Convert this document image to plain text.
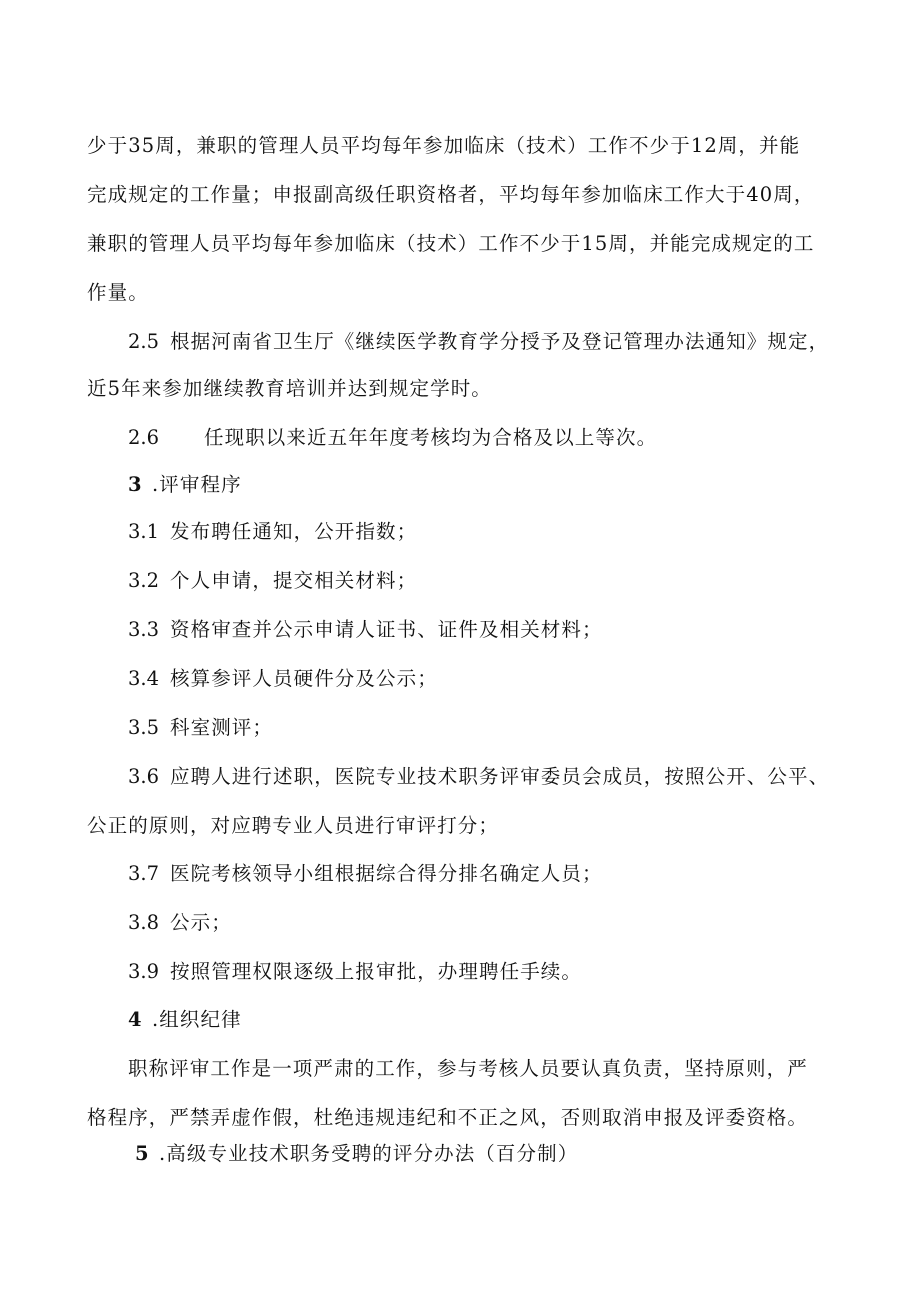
少于35周，兼职的管理人员平均每年参加临床（技术）工作不少于12周，并能
完成规定的工作量；申报副高级任职资格者，平均每年参加临床工作大于40周，
兼职的管理人员平均每年参加临床（技术）工作不少于15周，并能完成规定的工
作量。
2.5 根据河南省卫生厅《继续医学教育学分授予及登记管理办法通知》规定，
近5年来参加继续教育培训并达到规定学时。
2.6 任现职以来近五年年度考核均为合格及以上等次。
3 .评审程序
3.1 发布聘任通知，公开指数；
3.2 个人申请，提交相关材料；
3.3 资格审查并公示申请人证书、证件及相关材料；
3.4 核算参评人员硬件分及公示；
3.5 科室测评；
3.6 应聘人进行述职，医院专业技术职务评审委员会成员，按照公开、公平、
公正的原则，对应聘专业人员进行审评打分；
3.7 医院考核领导小组根据综合得分排名确定人员；
3.8 公示；
3.9 按照管理权限逐级上报审批，办理聘任手续。
4 .组织纪律
职称评审工作是一项严肃的工作，参与考核人员要认真负责，坚持原则，严
格程序，严禁弄虚作假，杜绝违规违纪和不正之风，否则取消申报及评委资格。
5 .高级专业技术职务受聘的评分办法（百分制）
